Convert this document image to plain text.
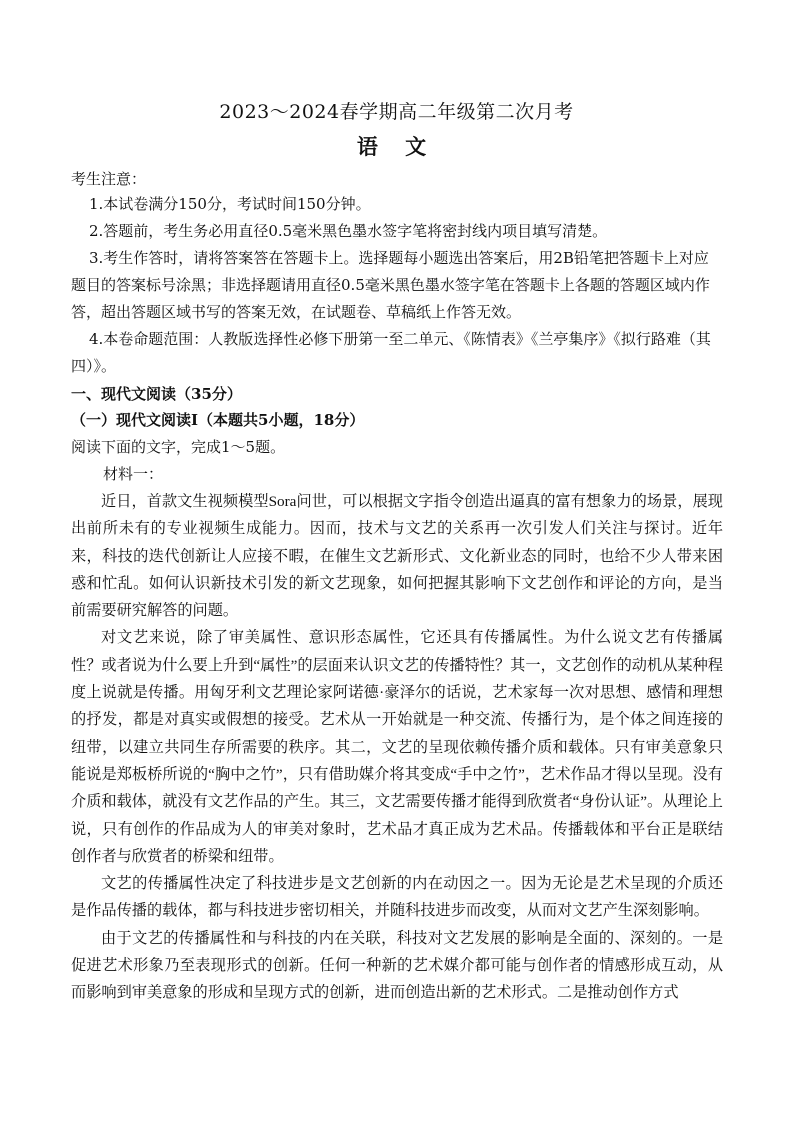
2023～2024春学期高二年级第二次月考
语 文
考生注意：

1.本试卷满分150分，考试时间150分钟。

2.答题前，考生务必用直径0.5毫米黑色墨水签字笔将密封线内项目填写清楚。

3.考生作答时，请将答案答在答题卡上。选择题每小题选出答案后，用2B铅笔把答题卡上对应题目的答案标号涂黑；非选择题请用直径0.5毫米黑色墨水签字笔在答题卡上各题的答题区域内作答，超出答题区域书写的答案无效，在试题卷、草稿纸上作答无效。

4.本卷命题范围：人教版选择性必修下册第一至二单元、《陈情表》《兰亭集序》《拟行路难（其四）》。

一、现代文阅读（35分）
（一）现代文阅读Ⅰ（本题共5小题，18分）
阅读下面的文字，完成1～5题。
材料一：

近日，首款文生视频模型Sora问世，可以根据文字指令创造出逼真的富有想象力的场景，展现出前所未有的专业视频生成能力。因而，技术与文艺的关系再一次引发人们关注与探讨。近年来，科技的迭代创新让人应接不暇，在催生文艺新形式、文化新业态的同时，也给不少人带来困惑和忙乱。如何认识新技术引发的新文艺现象，如何把握其影响下文艺创作和评论的方向，是当前需要研究解答的问题。

对文艺来说，除了审美属性、意识形态属性，它还具有传播属性。为什么说文艺有传播属性？或者说为什么要上升到“属性”的层面来认识文艺的传播特性？其一，文艺创作的动机从某种程度上说就是传播。用匈牙利文艺理论家阿诺德·豪泽尔的话说，艺术家每一次对思想、感情和理想的抒发，都是对真实或假想的接受。艺术从一开始就是一种交流、传播行为，是个体之间连接的纽带，以建立共同生存所需要的秩序。其二，文艺的呈现依赖传播介质和载体。只有审美意象只能说是郑板桥所说的“胸中之竹”，只有借助媒介将其变成“手中之竹”，艺术作品才得以呈现。没有介质和载体，就没有文艺作品的产生。其三，文艺需要传播才能得到欣赏者“身份认证”。从理论上说，只有创作的作品成为人的审美对象时，艺术品才真正成为艺术品。传播载体和平台正是联结创作者与欣赏者的桥梁和纽带。

文艺的传播属性决定了科技进步是文艺创新的内在动因之一。因为无论是艺术呈现的介质还是作品传播的载体，都与科技进步密切相关，并随科技进步而改变，从而对文艺产生深刻影响。

由于文艺的传播属性和与科技的内在关联，科技对文艺发展的影响是全面的、深刻的。一是促进艺术形象乃至表现形式的创新。任何一种新的艺术媒介都可能与创作者的情感形成互动，从而影响到审美意象的形成和呈现方式的创新，进而创造出新的艺术形式。二是推动创作方式
